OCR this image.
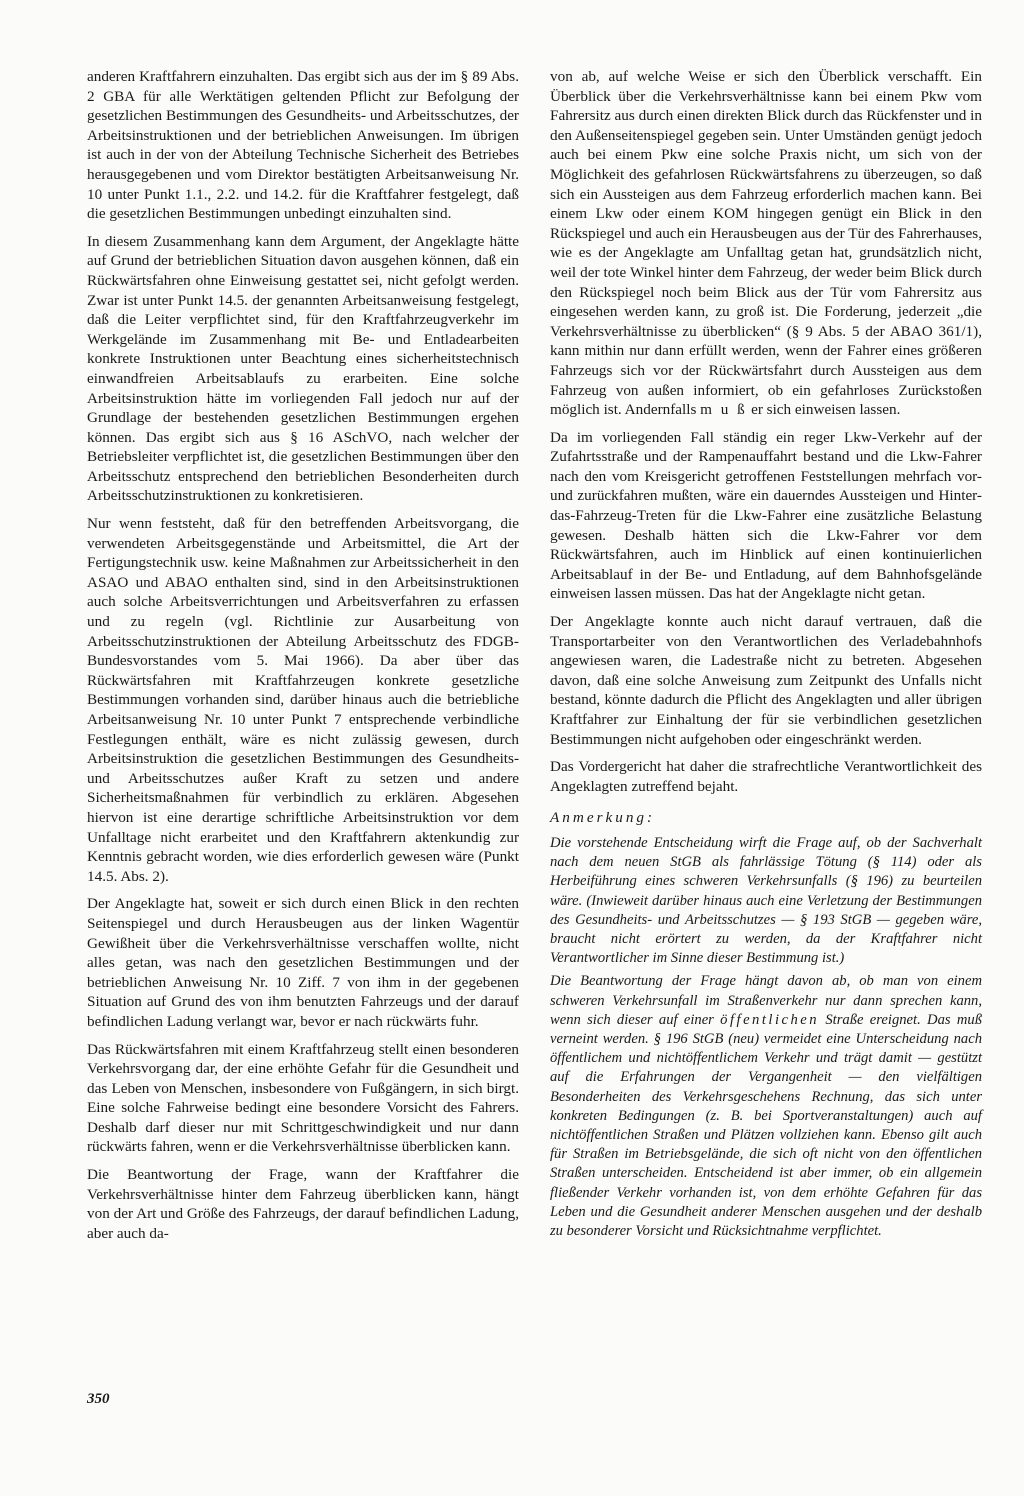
anderen Kraftfahrern einzuhalten. Das ergibt sich aus der im § 89 Abs. 2 GBA für alle Werktätigen geltenden Pflicht zur Befolgung der gesetzlichen Bestimmungen des Gesundheits- und Arbeitsschutzes, der Arbeitsinstruktionen und der betrieblichen Anweisungen. Im übrigen ist auch in der von der Abteilung Technische Sicherheit des Betriebes herausgegebenen und vom Direktor bestätigten Arbeitsanweisung Nr. 10 unter Punkt 1.1., 2.2. und 14.2. für die Kraftfahrer festgelegt, daß die gesetzlichen Bestimmungen unbedingt einzuhalten sind.

In diesem Zusammenhang kann dem Argument, der Angeklagte hätte auf Grund der betrieblichen Situation davon ausgehen können, daß ein Rückwärtsfahren ohne Einweisung gestattet sei, nicht gefolgt werden. Zwar ist unter Punkt 14.5. der genannten Arbeitsanweisung festgelegt, daß die Leiter verpflichtet sind, für den Kraftfahrzeugverkehr im Werkgelände im Zusammenhang mit Be- und Entladearbeiten konkrete Instruktionen unter Beachtung eines sicherheitstechnisch einwandfreien Arbeitsablaufs zu erarbeiten. Eine solche Arbeitsinstruktion hätte im vorliegenden Fall jedoch nur auf der Grundlage der bestehenden gesetzlichen Bestimmungen ergehen können. Das ergibt sich aus § 16 ASchVO, nach welcher der Betriebsleiter verpflichtet ist, die gesetzlichen Bestimmungen über den Arbeitsschutz entsprechend den betrieblichen Besonderheiten durch Arbeitsschutzinstruktionen zu konkretisieren.

Nur wenn feststeht, daß für den betreffenden Arbeitsvorgang, die verwendeten Arbeitsgegenstände und Arbeitsmittel, die Art der Fertigungstechnik usw. keine Maßnahmen zur Arbeitssicherheit in den ASAO und ABAO enthalten sind, sind in den Arbeitsinstruktionen auch solche Arbeitsverrichtungen und Arbeitsverfahren zu erfassen und zu regeln (vgl. Richtlinie zur Ausarbeitung von Arbeitsschutzinstruktionen der Abteilung Arbeitsschutz des FDGB-Bundesvorstandes vom 5. Mai 1966). Da aber über das Rückwärtsfahren mit Kraftfahrzeugen konkrete gesetzliche Bestimmungen vorhanden sind, darüber hinaus auch die betriebliche Arbeitsanweisung Nr. 10 unter Punkt 7 entsprechende verbindliche Festlegungen enthält, wäre es nicht zulässig gewesen, durch Arbeitsinstruktion die gesetzlichen Bestimmungen des Gesundheits- und Arbeitsschutzes außer Kraft zu setzen und andere Sicherheitsmaßnahmen für verbindlich zu erklären. Abgesehen hiervon ist eine derartige schriftliche Arbeitsinstruktion vor dem Unfalltage nicht erarbeitet und den Kraftfahrern aktenkundig zur Kenntnis gebracht worden, wie dies erforderlich gewesen wäre (Punkt 14.5. Abs. 2).

Der Angeklagte hat, soweit er sich durch einen Blick in den rechten Seitenspiegel und durch Herausbeugen aus der linken Wagentür Gewißheit über die Verkehrsverhältnisse verschaffen wollte, nicht alles getan, was nach den gesetzlichen Bestimmungen und der betrieblichen Anweisung Nr. 10 Ziff. 7 von ihm in der gegebenen Situation auf Grund des von ihm benutzten Fahrzeugs und der darauf befindlichen Ladung verlangt war, bevor er nach rückwärts fuhr.

Das Rückwärtsfahren mit einem Kraftfahrzeug stellt einen besonderen Verkehrsvorgang dar, der eine erhöhte Gefahr für die Gesundheit und das Leben von Menschen, insbesondere von Fußgängern, in sich birgt. Eine solche Fahrweise bedingt eine besondere Vorsicht des Fahrers. Deshalb darf dieser nur mit Schrittgeschwindigkeit und nur dann rückwärts fahren, wenn er die Verkehrsverhältnisse überblicken kann.

Die Beantwortung der Frage, wann der Kraftfahrer die Verkehrsverhältnisse hinter dem Fahrzeug überblicken kann, hängt von der Art und Größe des Fahrzeugs, der darauf befindlichen Ladung, aber auch da-

von ab, auf welche Weise er sich den Überblick verschafft. Ein Überblick über die Verkehrsverhältnisse kann bei einem Pkw vom Fahrersitz aus durch einen direkten Blick durch das Rückfenster und in den Außenseitenspiegel gegeben sein. Unter Umständen genügt jedoch auch bei einem Pkw eine solche Praxis nicht, um sich von der Möglichkeit des gefahrlosen Rückwärtsfahrens zu überzeugen, so daß sich ein Aussteigen aus dem Fahrzeug erforderlich machen kann. Bei einem Lkw oder einem KOM hingegen genügt ein Blick in den Rückspiegel und auch ein Herausbeugen aus der Tür des Fahrerhauses, wie es der Angeklagte am Unfalltag getan hat, grundsätzlich nicht, weil der tote Winkel hinter dem Fahrzeug, der weder beim Blick durch den Rückspiegel noch beim Blick aus der Tür vom Fahrersitz aus eingesehen werden kann, zu groß ist. Die Forderung, jederzeit „die Verkehrsverhältnisse zu überblicken“ (§ 9 Abs. 5 der ABAO 361/1), kann mithin nur dann erfüllt werden, wenn der Fahrer eines größeren Fahrzeugs sich vor der Rückwärtsfahrt durch Aussteigen aus dem Fahrzeug von außen informiert, ob ein gefahrloses Zurückstoßen möglich ist. Andernfalls m u ß er sich einweisen lassen.

Da im vorliegenden Fall ständig ein reger Lkw-Verkehr auf der Zufahrtsstraße und der Rampenauffahrt bestand und die Lkw-Fahrer nach den vom Kreisgericht getroffenen Feststellungen mehrfach vor- und zurückfahren mußten, wäre ein dauerndes Aussteigen und Hinter-das-Fahrzeug-Treten für die Lkw-Fahrer eine zusätzliche Belastung gewesen. Deshalb hätten sich die Lkw-Fahrer vor dem Rückwärtsfahren, auch im Hinblick auf einen kontinuierlichen Arbeitsablauf in der Be- und Entladung, auf dem Bahnhofsgelände einweisen lassen müssen. Das hat der Angeklagte nicht getan.

Der Angeklagte konnte auch nicht darauf vertrauen, daß die Transportarbeiter von den Verantwortlichen des Verladebahnhofs angewiesen waren, die Ladestraße nicht zu betreten. Abgesehen davon, daß eine solche Anweisung zum Zeitpunkt des Unfalls nicht bestand, könnte dadurch die Pflicht des Angeklagten und aller übrigen Kraftfahrer zur Einhaltung der für sie verbindlichen gesetzlichen Bestimmungen nicht aufgehoben oder eingeschränkt werden.

Das Vordergericht hat daher die strafrechtliche Verantwortlichkeit des Angeklagten zutreffend bejaht.

Anmerkung:

Die vorstehende Entscheidung wirft die Frage auf, ob der Sachverhalt nach dem neuen StGB als fahrlässige Tötung (§ 114) oder als Herbeiführung eines schweren Verkehrsunfalls (§ 196) zu beurteilen wäre. (Inwieweit darüber hinaus auch eine Verletzung der Bestimmungen des Gesundheits- und Arbeitsschutzes — § 193 StGB — gegeben wäre, braucht nicht erörtert zu werden, da der Kraftfahrer nicht Verantwortlicher im Sinne dieser Bestimmung ist.)

Die Beantwortung der Frage hängt davon ab, ob man von einem schweren Verkehrsunfall im Straßenverkehr nur dann sprechen kann, wenn sich dieser auf einer öffentlichen Straße ereignet. Das muß verneint werden. § 196 StGB (neu) vermeidet eine Unterscheidung nach öffentlichem und nichtöffentlichem Verkehr und trägt damit — gestützt auf die Erfahrungen der Vergangenheit — den vielfältigen Besonderheiten des Verkehrsgeschehens Rechnung, das sich unter konkreten Bedingungen (z. B. bei Sportveranstaltungen) auch auf nichtöffentlichen Straßen und Plätzen vollziehen kann. Ebenso gilt auch für Straßen im Betriebsgelände, die sich oft nicht von den öffentlichen Straßen unterscheiden. Entscheidend ist aber immer, ob ein allgemein fließender Verkehr vorhanden ist, von dem erhöhte Gefahren für das Leben und die Gesundheit anderer Menschen ausgehen und der deshalb zu besonderer Vorsicht und Rücksichtnahme verpflichtet.

350
